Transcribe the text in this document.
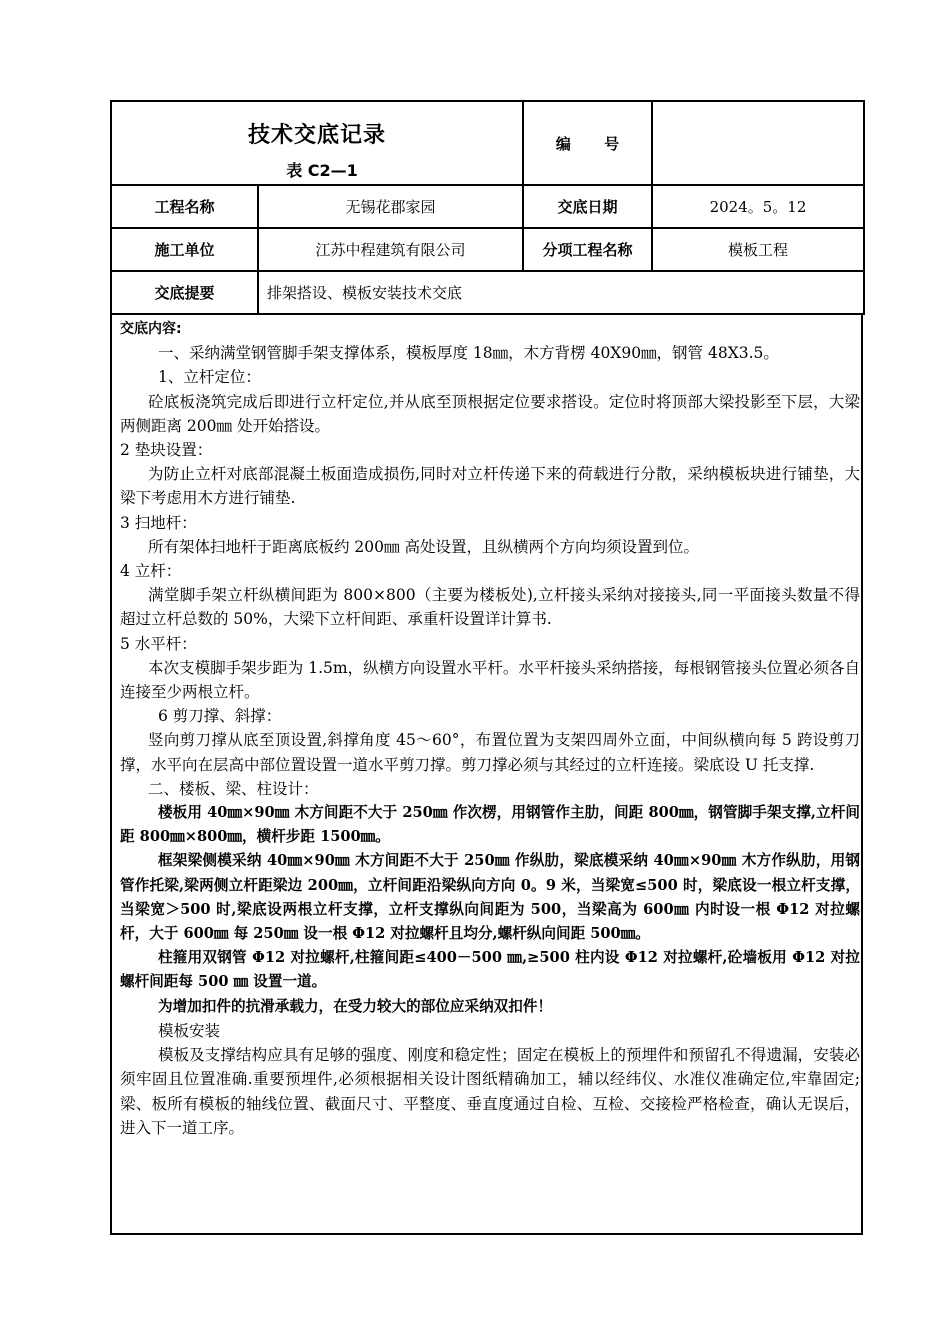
技术交底记录
表 C2—1		编 号	
工程名称	无锡花郡家园	交底日期	2024。5。12
施工单位	江苏中程建筑有限公司	分项工程名称	模板工程
交底提要	排架搭设、模板安装技术交底		

交底内容:

一、采纳满堂钢管脚手架支撑体系，模板厚度 18㎜，木方背楞 40X90㎜，钢管 48X3.5。

1、立杆定位：

砼底板浇筑完成后即进行立杆定位,并从底至顶根据定位要求搭设。定位时将顶部大梁投影至下层，大梁两侧距离 200㎜ 处开始搭设。

2 垫块设置：

为防止立杆对底部混凝土板面造成损伤,同时对立杆传递下来的荷载进行分散，采纳模板块进行铺垫，大梁下考虑用木方进行铺垫.

3 扫地杆：

所有架体扫地杆于距离底板约 200㎜ 高处设置，且纵横两个方向均须设置到位。

4 立杆：

满堂脚手架立杆纵横间距为 800×800（主要为楼板处),立杆接头采纳对接接头,同一平面接头数量不得超过立杆总数的 50%，大梁下立杆间距、承重杆设置详计算书.

5 水平杆：

本次支模脚手架步距为 1.5m，纵横方向设置水平杆。水平杆接头采纳搭接，每根钢管接头位置必须各自连接至少两根立杆。

6 剪刀撑、斜撑：

竖向剪刀撑从底至顶设置,斜撑角度 45～60°，布置位置为支架四周外立面，中间纵横向每 5 跨设剪刀撑，水平向在层高中部位置设置一道水平剪刀撑。剪刀撑必须与其经过的立杆连接。梁底设 U 托支撑.

二、楼板、梁、柱设计：

楼板用 40㎜×90㎜ 木方间距不大于 250㎜ 作次楞，用钢管作主肋，间距 800㎜，钢管脚手架支撑,立杆间距 800㎜×800㎜，横杆步距 1500㎜。

框架梁侧模采纳 40㎜×90㎜ 木方间距不大于 250㎜ 作纵肋，梁底模采纳 40㎜×90㎜ 木方作纵肋，用钢管作托梁,梁两侧立杆距梁边 200㎜，立杆间距沿梁纵向方向 0。9 米，当梁宽≤500 时，梁底设一根立杆支撑，当梁宽＞500 时,梁底设两根立杆支撑，立杆支撑纵向间距为 500，当梁高为 600㎜ 内时设一根 Φ12 对拉螺杆，大于 600㎜ 每 250㎜ 设一根 Φ12 对拉螺杆且均分,螺杆纵向间距 500㎜。

柱箍用双钢管 Φ12 对拉螺杆,柱箍间距≤400－500 ㎜,≥500 柱内设 Φ12 对拉螺杆,砼墙板用 Φ12 对拉螺杆间距每 500 ㎜ 设置一道。

为增加扣件的抗滑承载力，在受力较大的部位应采纳双扣件！

模板安装

模板及支撑结构应具有足够的强度、刚度和稳定性；固定在模板上的预埋件和预留孔不得遗漏，安装必须牢固且位置准确.重要预埋件,必须根据相关设计图纸精确加工，辅以经纬仪、水准仪准确定位,牢靠固定;梁、板所有模板的轴线位置、截面尺寸、平整度、垂直度通过自检、互检、交接检严格检查，确认无误后，进入下一道工序。
